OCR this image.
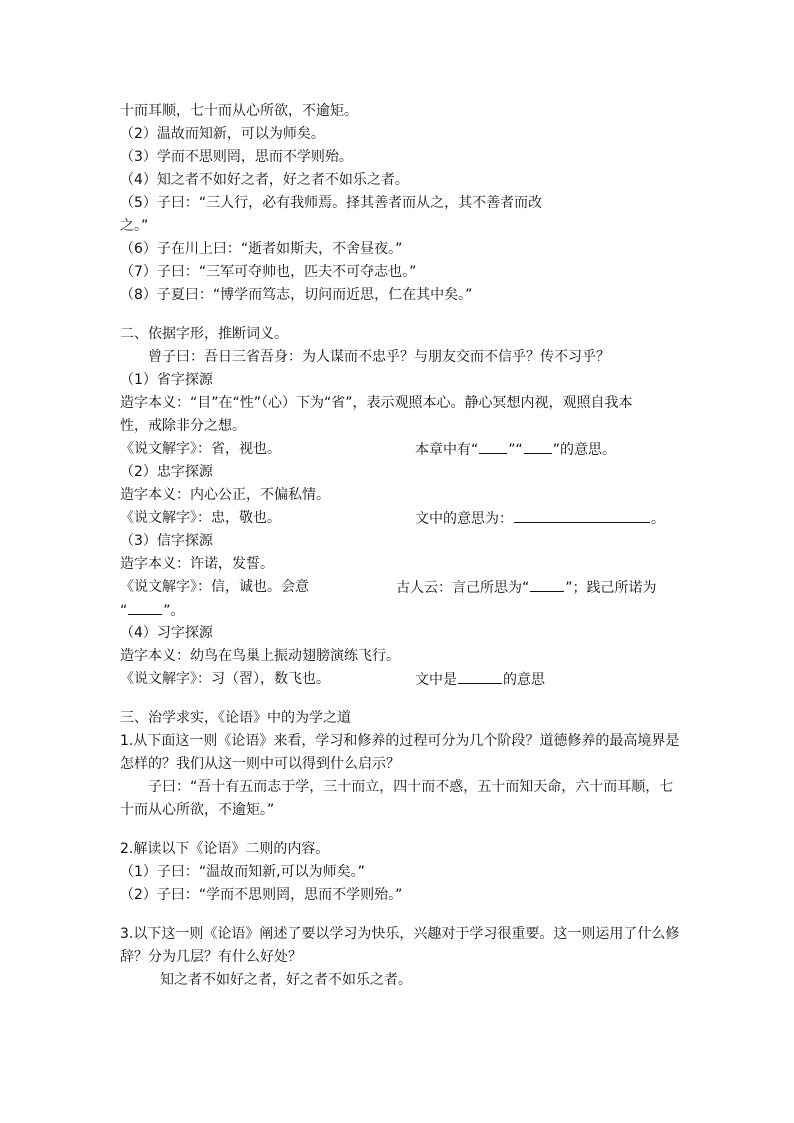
十而耳顺，七十而从心所欲，不逾矩。
（2）温故而知新，可以为师矣。
（3）学而不思则罔，思而不学则殆。
（4）知之者不如好之者，好之者不如乐之者。
（5）子曰：“三人行，必有我师焉。择其善者而从之，其不善者而改
之。”
（6）子在川上曰：“逝者如斯夫，不舍昼夜。”
（7）子曰：“三军可夺帅也，匹夫不可夺志也。”
（8）子夏曰：“博学而笃志，切问而近思，仁在其中矣。”
二、依据字形，推断词义。
曾子曰：吾日三省吾身：为人谋而不忠乎？与朋友交而不信乎？传不习乎？
（1）省字探源
造字本义：“目”在“性”（心）下为“省”，表示观照本心。静心冥想内视，观照自我本
性，戒除非分之想。
《说文解字》：省，视也。	本章中有“ ”“ ”的意思。
（2）忠字探源
造字本义：内心公正，不偏私情。
《说文解字》：忠，敬也。	文中的意思为：	。
（3）信字探源
造字本义：许诺，发誓。
《说文解字》：信，诚也。会意	古人云：言己所思为“	”；践己所诺为
“	”。
（4）习字探源
造字本义：幼鸟在鸟巢上振动翅膀演练飞行。
《说文解字》：习（習），数飞也。	文中是	的意思
三、治学求实，《论语》中的为学之道
1.从下面这一则《论语》来看，学习和修养的过程可分为几个阶段？道德修养的最高境界是
怎样的？我们从这一则中可以得到什么启示？
子曰：“吾十有五而志于学，三十而立，四十而不惑，五十而知天命，六十而耳顺，七
十而从心所欲，不逾矩。”
2.解读以下《论语》二则的内容。
（1）子曰：“温故而知新,可以为师矣。”
（2）子曰：“学而不思则罔，思而不学则殆。”
3.以下这一则《论语》阐述了要以学习为快乐，兴趣对于学习很重要。这一则运用了什么修
辞？分为几层？有什么好处？
知之者不如好之者，好之者不如乐之者。
